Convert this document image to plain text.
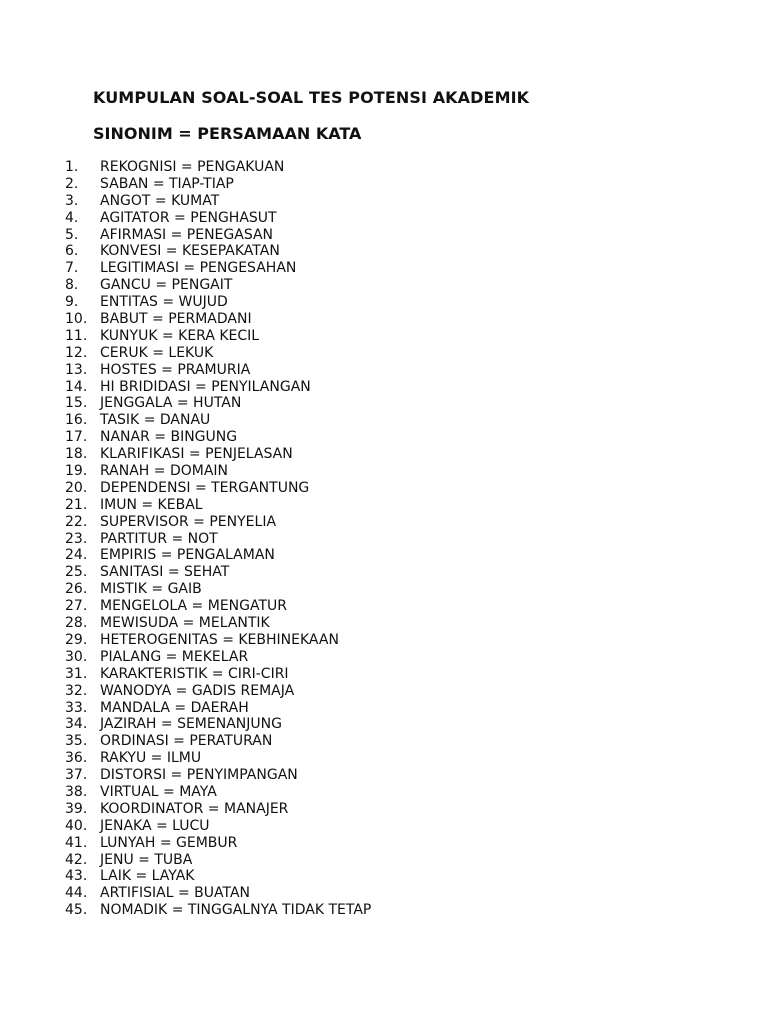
KUMPULAN SOAL-SOAL TES POTENSI AKADEMIK
SINONIM = PERSAMAAN KATA
1. REKOGNISI = PENGAKUAN
2. SABAN = TIAP-TIAP
3. ANGOT = KUMAT
4. AGITATOR = PENGHASUT
5. AFIRMASI = PENEGASAN
6. KONVESI = KESEPAKATAN
7. LEGITIMASI = PENGESAHAN
8. GANCU = PENGAIT
9. ENTITAS = WUJUD
10. BABUT = PERMADANI
11. KUNYUK = KERA KECIL
12. CERUK = LEKUK
13. HOSTES = PRAMURIA
14. HI BRIDIDASI = PENYILANGAN
15. JENGGALA = HUTAN
16. TASIK = DANAU
17. NANAR = BINGUNG
18. KLARIFIKASI = PENJELASAN
19. RANAH = DOMAIN
20. DEPENDENSI = TERGANTUNG
21. IMUN = KEBAL
22. SUPERVISOR = PENYELIA
23. PARTITUR = NOT
24. EMPIRIS = PENGALAMAN
25. SANITASI = SEHAT
26. MISTIK = GAIB
27. MENGELOLA = MENGATUR
28. MEWISUDA = MELANTIK
29. HETEROGENITAS = KEBHINEKAAN
30. PIALANG = MEKELAR
31. KARAKTERISTIK = CIRI-CIRI
32. WANODYA = GADIS REMAJA
33. MANDALA = DAERAH
34. JAZIRAH = SEMENANJUNG
35. ORDINASI = PERATURAN
36. RAKYU = ILMU
37. DISTORSI = PENYIMPANGAN
38. VIRTUAL = MAYA
39. KOORDINATOR = MANAJER
40. JENAKA = LUCU
41. LUNYAH = GEMBUR
42. JENU = TUBA
43. LAIK = LAYAK
44. ARTIFISIAL = BUATAN
45. NOMADIK = TINGGALNYA TIDAK TETAP
